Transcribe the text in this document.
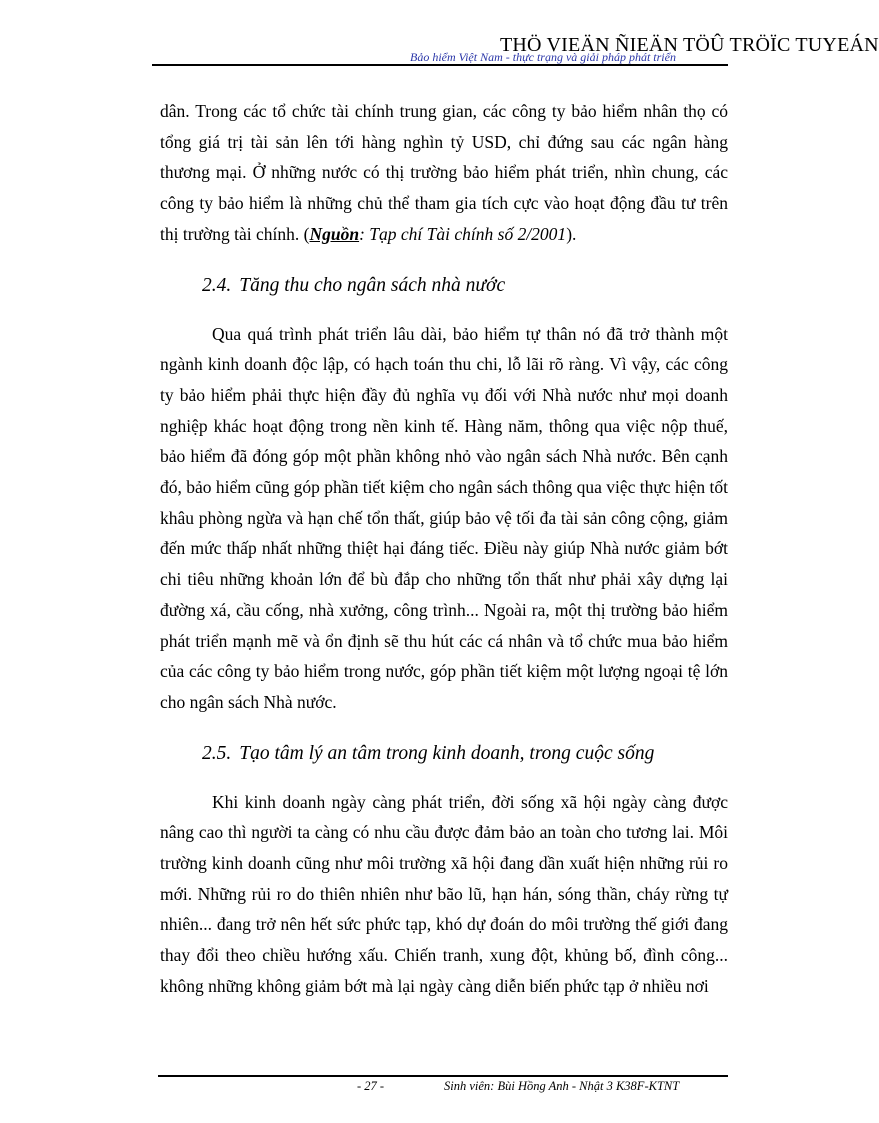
THÖ VIEÄN ÑIEÄN TÖÛ TRÖÏC TUYEÁN
Bảo hiểm Việt Nam - thực trạng và giải pháp phát triển

dân. Trong các tổ chức tài chính trung gian, các công ty bảo hiểm nhân thọ có tổng giá trị tài sản lên tới hàng nghìn tỷ USD, chỉ đứng sau các ngân hàng thương mại. Ở những nước có thị trường bảo hiểm phát triển, nhìn chung, các công ty bảo hiểm là những chủ thể tham gia tích cực vào hoạt động đầu tư trên thị trường tài chính. (Nguồn: Tạp chí Tài chính số 2/2001).

2.4. Tăng thu cho ngân sách nhà nước

Qua quá trình phát triển lâu dài, bảo hiểm tự thân nó đã trở thành một ngành kinh doanh độc lập, có hạch toán thu chi, lỗ lãi rõ ràng. Vì vậy, các công ty bảo hiểm phải thực hiện đầy đủ nghĩa vụ đối với Nhà nước như mọi doanh nghiệp khác hoạt động trong nền kinh tế. Hàng năm, thông qua việc nộp thuế, bảo hiểm đã đóng góp một phần không nhỏ vào ngân sách Nhà nước. Bên cạnh đó, bảo hiểm cũng góp phần tiết kiệm cho ngân sách thông qua việc thực hiện tốt khâu phòng ngừa và hạn chế tổn thất, giúp bảo vệ tối đa tài sản công cộng, giảm đến mức thấp nhất những thiệt hại đáng tiếc. Điều này giúp Nhà nước giảm bớt chi tiêu những khoản lớn để bù đắp cho những tổn thất như phải xây dựng lại đường xá, cầu cống, nhà xưởng, công trình... Ngoài ra, một thị trường bảo hiểm phát triển mạnh mẽ và ổn định sẽ thu hút các cá nhân và tổ chức mua bảo hiểm của các công ty bảo hiểm trong nước, góp phần tiết kiệm một lượng ngoại tệ lớn cho ngân sách Nhà nước.

2.5. Tạo tâm lý an tâm trong kinh doanh, trong cuộc sống

Khi kinh doanh ngày càng phát triển, đời sống xã hội ngày càng được nâng cao thì người ta càng có nhu cầu được đảm bảo an toàn cho tương lai. Môi trường kinh doanh cũng như môi trường xã hội đang dần xuất hiện những rủi ro mới. Những rủi ro do thiên nhiên như bão lũ, hạn hán, sóng thần, cháy rừng tự nhiên... đang trở nên hết sức phức tạp, khó dự đoán do môi trường thế giới đang thay đổi theo chiều hướng xấu. Chiến tranh, xung đột, khủng bố, đình công... không những không giảm bớt mà lại ngày càng diễn biến phức tạp ở nhiều nơi

- 27 -	Sinh viên: Bùi Hồng Anh - Nhật 3 K38F-KTNT
